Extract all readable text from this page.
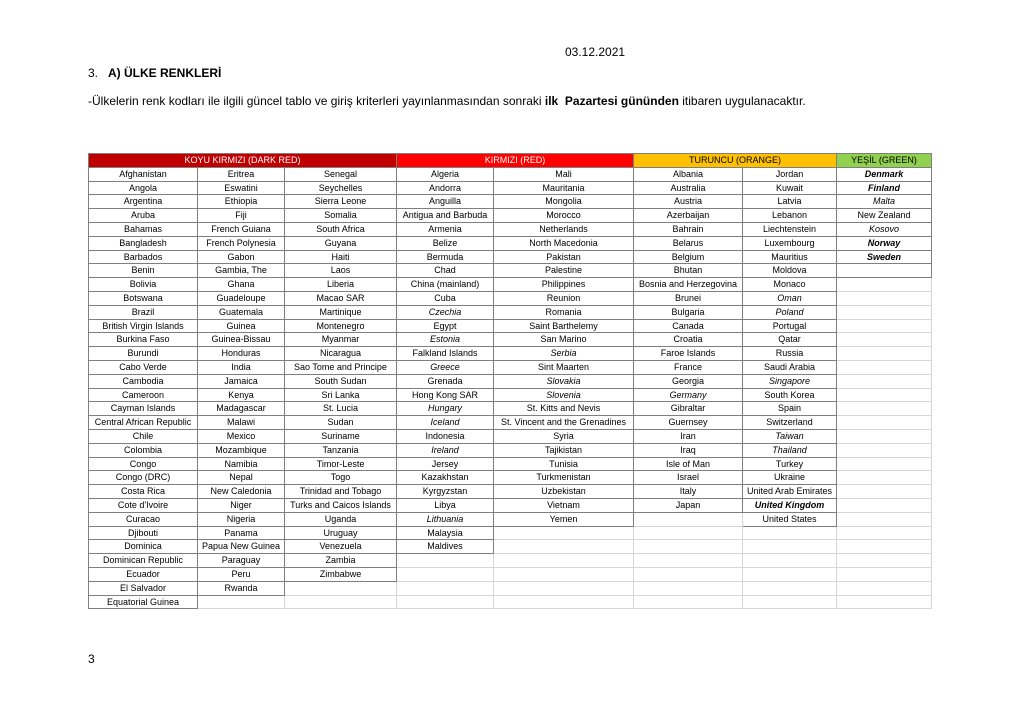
03.12.2021
3. A) ÜLKE RENKLERİ
-Ülkelerin renk kodları ile ilgili güncel tablo ve giriş kriterleri yayınlanmasından sonraki ilk Pazartesi gününden itibaren uygulanacaktır.
KOYU KIRMIZI (DARK RED)			KIRMIZI (RED)		TURUNCU (ORANGE)		YEŞİL (GREEN)
Afghanistan	Eritrea	Senegal	Algeria	Mali	Albania	Jordan	Denmark
Angola	Eswatini	Seychelles	Andorra	Mauritania	Australia	Kuwait	Finland
Argentina	Ethiopia	Sierra Leone	Anguilla	Mongolia	Austria	Latvia	Malta
Aruba	Fiji	Somalia	Antigua and Barbuda	Morocco	Azerbaijan	Lebanon	New Zealand
Bahamas	French Guiana	South Africa	Armenia	Netherlands	Bahrain	Liechtenstein	Kosovo
Bangladesh	French Polynesia	Guyana	Belize	North Macedonia	Belarus	Luxembourg	Norway
Barbados	Gabon	Haiti	Bermuda	Pakistan	Belgium	Mauritius	Sweden
Benin	Gambia, The	Laos	Chad	Palestine	Bhutan	Moldova	
Bolivia	Ghana	Liberia	China (mainland)	Philippines	Bosnia and Herzegovina	Monaco	
Botswana	Guadeloupe	Macao SAR	Cuba	Reunion	Brunei	Oman	
Brazil	Guatemala	Martinique	Czechia	Romania	Bulgaria	Poland	
British Virgin Islands	Guinea	Montenegro	Egypt	Saint Barthelemy	Canada	Portugal	
Burkina Faso	Guinea-Bissau	Myanmar	Estonia	San Marino	Croatia	Qatar	
Burundi	Honduras	Nicaragua	Falkland Islands	Serbia	Faroe Islands	Russia	
Cabo Verde	India	Sao Tome and Principe	Greece	Sint Maarten	France	Saudi Arabia	
Cambodia	Jamaica	South Sudan	Grenada	Slovakia	Georgia	Singapore	
Cameroon	Kenya	Sri Lanka	Hong Kong SAR	Slovenia	Germany	South Korea	
Cayman Islands	Madagascar	St. Lucia	Hungary	St. Kitts and Nevis	Gibraltar	Spain	
Central African Republic	Malawi	Sudan	Iceland	St. Vincent and the Grenadines	Guernsey	Switzerland	
Chile	Mexico	Suriname	Indonesia	Syria	Iran	Taiwan	
Colombia	Mozambique	Tanzania	Ireland	Tajikistan	Iraq	Thailand	
Congo	Namibia	Timor-Leste	Jersey	Tunisia	Isle of Man	Turkey	
Congo (DRC)	Nepal	Togo	Kazakhstan	Turkmenistan	Israel	Ukraine	
Costa Rica	New Caledonia	Trinidad and Tobago	Kyrgyzstan	Uzbekistan	Italy	United Arab Emirates	
Cote d'Ivoire	Niger	Turks and Caicos Islands	Libya	Vietnam	Japan	United Kingdom	
Curacao	Nigeria	Uganda	Lithuania	Yemen		United States	
Djibouti	Panama	Uruguay	Malaysia				
Dominica	Papua New Guinea	Venezuela	Maldives				
Dominican Republic	Paraguay	Zambia					
Ecuador	Peru	Zimbabwe					
El Salvador	Rwanda						
Equatorial Guinea							
3
